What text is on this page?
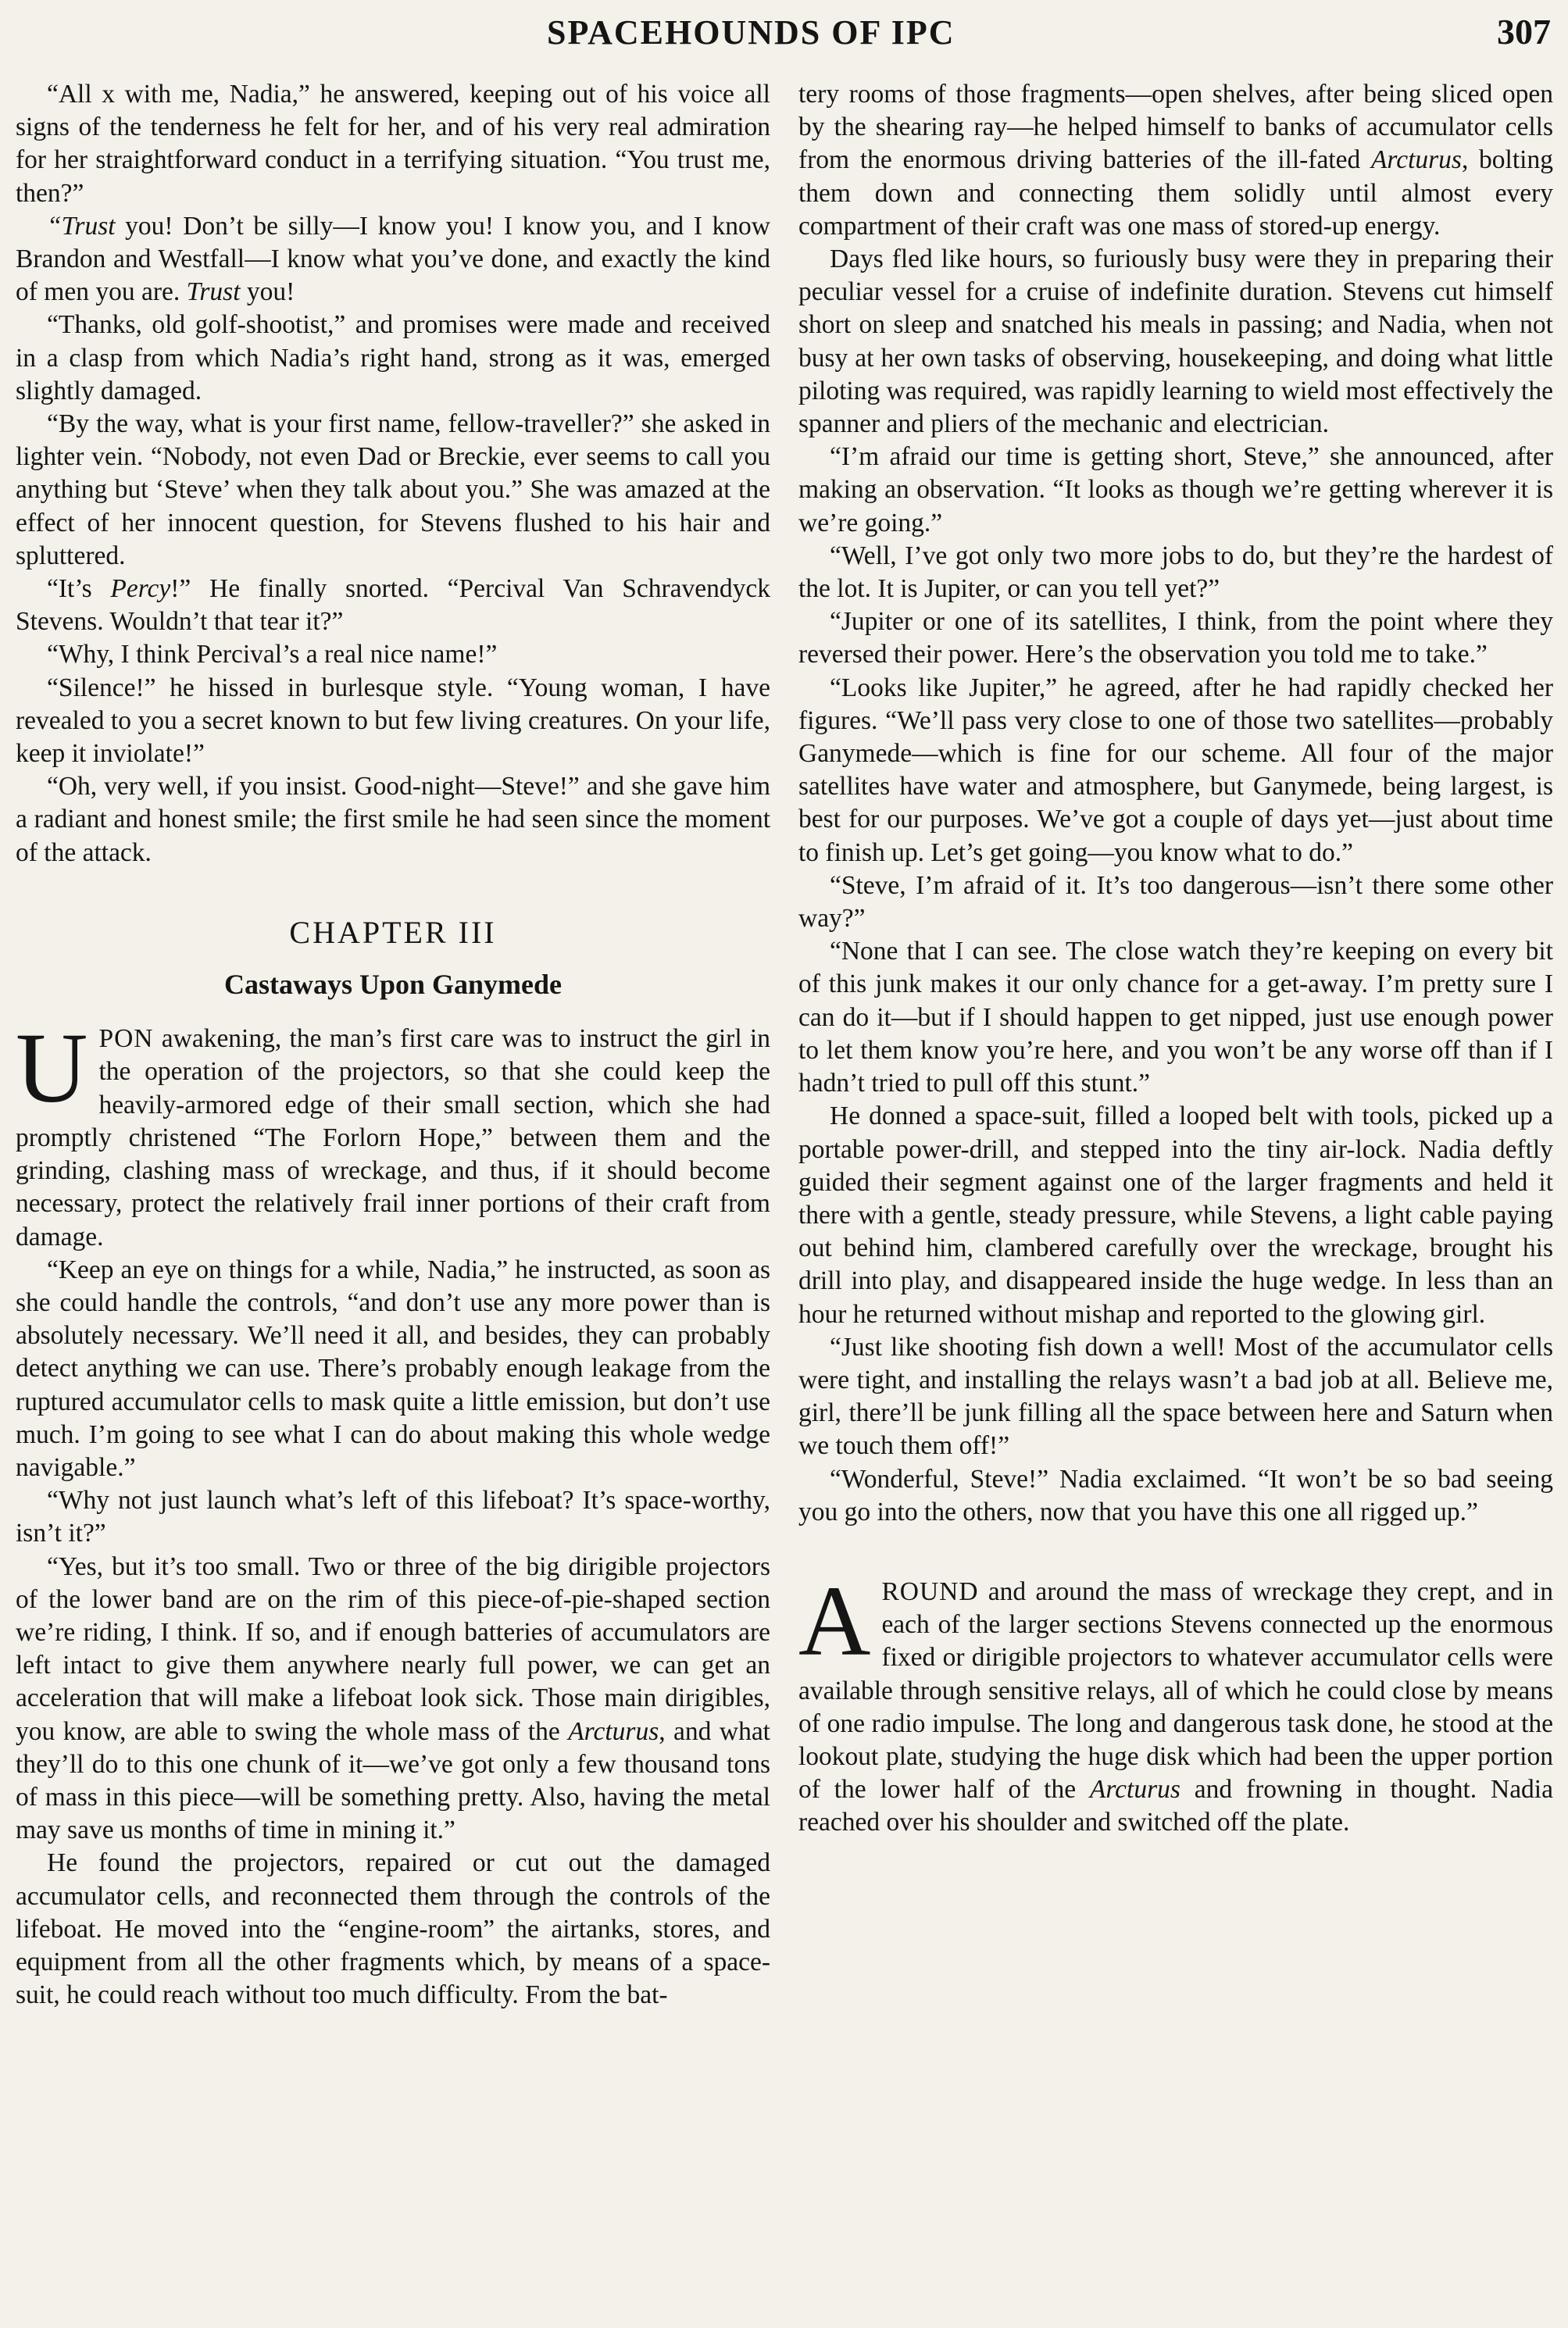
SPACEHOUNDS OF IPC	307

“All x with me, Nadia,” he answered, keeping out of his voice all signs of the tenderness he felt for her, and of his very real admiration for her straightforward conduct in a terrifying situation. “You trust me, then?”

“Trust you! Don’t be silly—I know you! I know you, and I know Brandon and Westfall—I know what you’ve done, and exactly the kind of men you are. Trust you!

“Thanks, old golf-shootist,” and promises were made and received in a clasp from which Nadia’s right hand, strong as it was, emerged slightly damaged.

“By the way, what is your first name, fellow-traveller?” she asked in lighter vein. “Nobody, not even Dad or Breckie, ever seems to call you anything but ‘Steve’ when they talk about you.” She was amazed at the effect of her innocent question, for Stevens flushed to his hair and spluttered.

“It’s Percy!” He finally snorted. “Percival Van Schravendyck Stevens. Wouldn’t that tear it?”

“Why, I think Percival’s a real nice name!”

“Silence!” he hissed in burlesque style. “Young woman, I have revealed to you a secret known to but few living creatures. On your life, keep it inviolate!”

“Oh, very well, if you insist. Good-night—Steve!” and she gave him a radiant and honest smile; the first smile he had seen since the moment of the attack.

CHAPTER III
Castaways Upon Ganymede

UPON awakening, the man’s first care was to instruct the girl in the operation of the projectors, so that she could keep the heavily-armored edge of their small section, which she had promptly christened “The Forlorn Hope,” between them and the grinding, clashing mass of wreckage, and thus, if it should become necessary, protect the relatively frail inner portions of their craft from damage.

“Keep an eye on things for a while, Nadia,” he instructed, as soon as she could handle the controls, “and don’t use any more power than is absolutely necessary. We’ll need it all, and besides, they can probably detect anything we can use. There’s probably enough leakage from the ruptured accumulator cells to mask quite a little emission, but don’t use much. I’m going to see what I can do about making this whole wedge navigable.”

“Why not just launch what’s left of this lifeboat? It’s space-worthy, isn’t it?”

“Yes, but it’s too small. Two or three of the big dirigible projectors of the lower band are on the rim of this piece-of-pie-shaped section we’re riding, I think. If so, and if enough batteries of accumulators are left intact to give them anywhere nearly full power, we can get an acceleration that will make a lifeboat look sick. Those main dirigibles, you know, are able to swing the whole mass of the Arcturus, and what they’ll do to this one chunk of it—we’ve got only a few thousand tons of mass in this piece—will be something pretty. Also, having the metal may save us months of time in mining it.”

He found the projectors, repaired or cut out the damaged accumulator cells, and reconnected them through the controls of the lifeboat. He moved into the “engine-room” the airtanks, stores, and equipment from all the other fragments which, by means of a space-suit, he could reach without too much difficulty. From the bat-

tery rooms of those fragments—open shelves, after being sliced open by the shearing ray—he helped himself to banks of accumulator cells from the enormous driving batteries of the ill-fated Arcturus, bolting them down and connecting them solidly until almost every compartment of their craft was one mass of stored-up energy.

Days fled like hours, so furiously busy were they in preparing their peculiar vessel for a cruise of indefinite duration. Stevens cut himself short on sleep and snatched his meals in passing; and Nadia, when not busy at her own tasks of observing, housekeeping, and doing what little piloting was required, was rapidly learning to wield most effectively the spanner and pliers of the mechanic and electrician.

“I’m afraid our time is getting short, Steve,” she announced, after making an observation. “It looks as though we’re getting wherever it is we’re going.”

“Well, I’ve got only two more jobs to do, but they’re the hardest of the lot. It is Jupiter, or can you tell yet?”

“Jupiter or one of its satellites, I think, from the point where they reversed their power. Here’s the observation you told me to take.”

“Looks like Jupiter,” he agreed, after he had rapidly checked her figures. “We’ll pass very close to one of those two satellites—probably Ganymede—which is fine for our scheme. All four of the major satellites have water and atmosphere, but Ganymede, being largest, is best for our purposes. We’ve got a couple of days yet—just about time to finish up. Let’s get going—you know what to do.”

“Steve, I’m afraid of it. It’s too dangerous—isn’t there some other way?”

“None that I can see. The close watch they’re keeping on every bit of this junk makes it our only chance for a get-away. I’m pretty sure I can do it—but if I should happen to get nipped, just use enough power to let them know you’re here, and you won’t be any worse off than if I hadn’t tried to pull off this stunt.”

He donned a space-suit, filled a looped belt with tools, picked up a portable power-drill, and stepped into the tiny air-lock. Nadia deftly guided their segment against one of the larger fragments and held it there with a gentle, steady pressure, while Stevens, a light cable paying out behind him, clambered carefully over the wreckage, brought his drill into play, and disappeared inside the huge wedge. In less than an hour he returned without mishap and reported to the glowing girl.

“Just like shooting fish down a well! Most of the accumulator cells were tight, and installing the relays wasn’t a bad job at all. Believe me, girl, there’ll be junk filling all the space between here and Saturn when we touch them off!”

“Wonderful, Steve!” Nadia exclaimed. “It won’t be so bad seeing you go into the others, now that you have this one all rigged up.”

AROUND and around the mass of wreckage they crept, and in each of the larger sections Stevens connected up the enormous fixed or dirigible projectors to whatever accumulator cells were available through sensitive relays, all of which he could close by means of one radio impulse. The long and dangerous task done, he stood at the lookout plate, studying the huge disk which had been the upper portion of the lower half of the Arcturus and frowning in thought. Nadia reached over his shoulder and switched off the plate.
